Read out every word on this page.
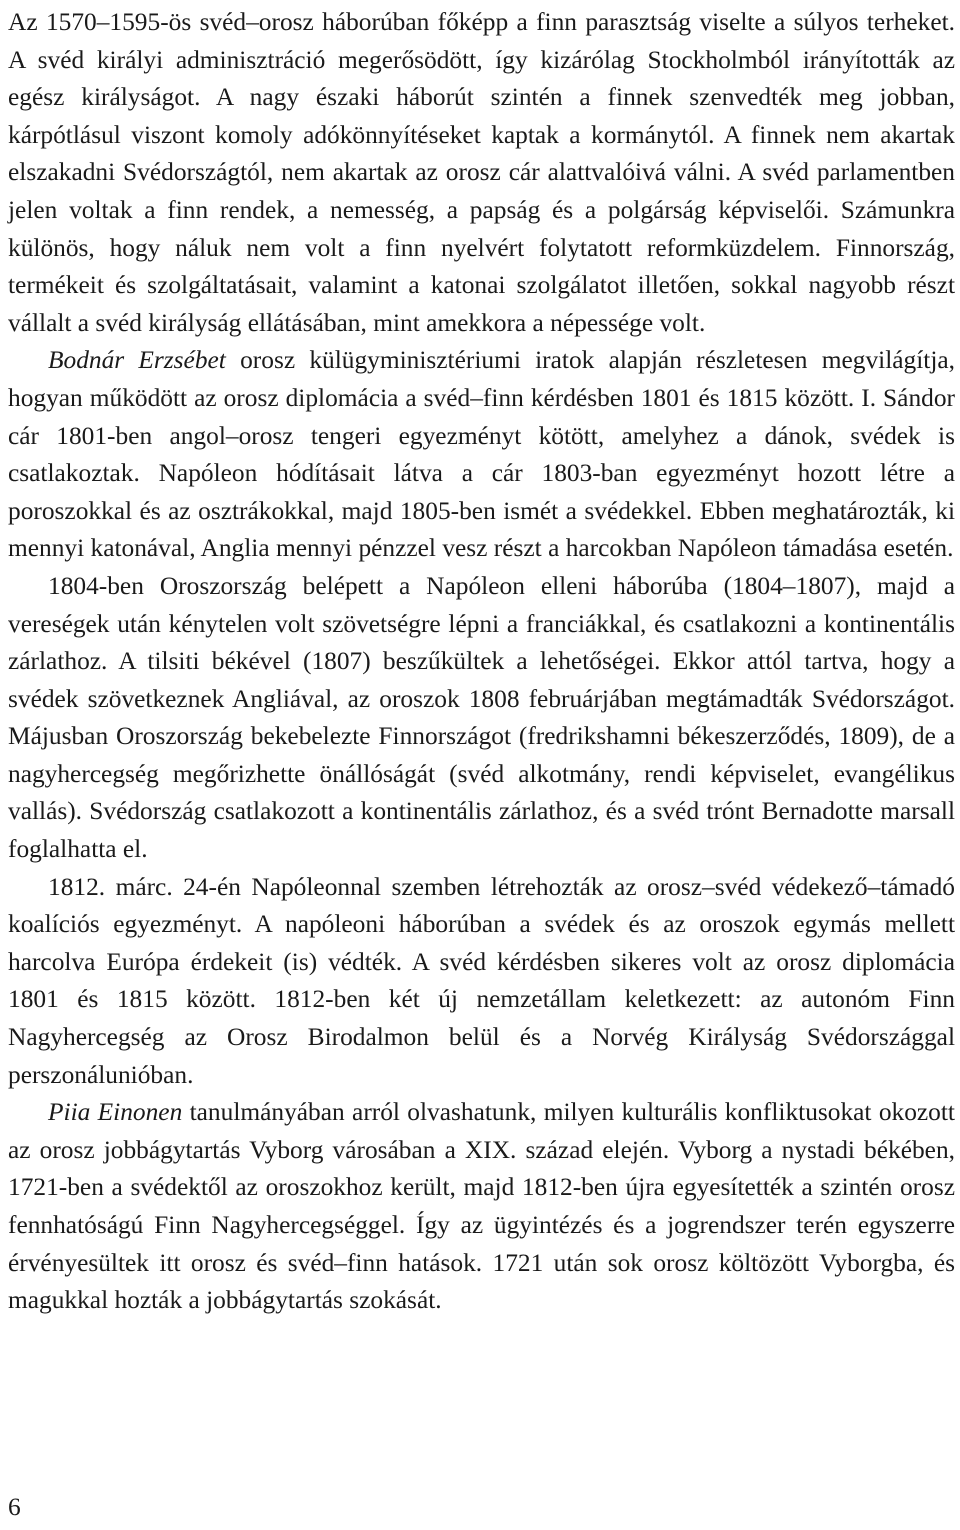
Az 1570–1595-ös svéd–orosz háborúban főképp a finn parasztság viselte a súlyos terheket. A svéd királyi adminisztráció megerősödött, így kizárólag Stockholmból irányították az egész királyságot. A nagy északi háborút szintén a finnek szenvedték meg jobban, kárpótlásul viszont komoly adókönnyítéseket kaptak a kormánytól. A finnek nem akartak elszakadni Svédországtól, nem akartak az orosz cár alattvalóivá válni. A svéd parlamentben jelen voltak a finn rendek, a nemesség, a papság és a polgárság képviselői. Számunkra különös, hogy náluk nem volt a finn nyelvért folytatott reformküzdelem. Finnország, termékeit és szolgáltatásait, valamint a katonai szolgálatot illetően, sokkal nagyobb részt vállalt a svéd királyság ellátásában, mint amekkora a népessége volt.

Bodnár Erzsébet orosz külügyminisztériumi iratok alapján részletesen megvilágítja, hogyan működött az orosz diplomácia a svéd–finn kérdésben 1801 és 1815 között. I. Sándor cár 1801-ben angol–orosz tengeri egyezményt kötött, amelyhez a dánok, svédek is csatlakoztak. Napóleon hódításait látva a cár 1803-ban egyezményt hozott létre a poroszokkal és az osztrákokkal, majd 1805-ben ismét a svédekkel. Ebben meghatározták, ki mennyi katonával, Anglia mennyi pénzzel vesz részt a harcokban Napóleon támadása esetén.

1804-ben Oroszország belépett a Napóleon elleni háborúba (1804–1807), majd a vereségek után kénytelen volt szövetségre lépni a franciákkal, és csatlakozni a kontinentális zárlathoz. A tilsiti békével (1807) beszűkültek a lehetőségei. Ekkor attól tartva, hogy a svédek szövetkeznek Angliával, az oroszok 1808 februárjában megtámadták Svédországot. Májusban Oroszország bekebelezte Finnországot (fredrikshamni békeszerződés, 1809), de a nagyhercegség megőrizhette önállóságát (svéd alkotmány, rendi képviselet, evangélikus vallás). Svédország csatlakozott a kontinentális zárlathoz, és a svéd trónt Bernadotte marsall foglalhatta el.

1812. márc. 24-én Napóleonnal szemben létrehozták az orosz–svéd védekező–támadó koalíciós egyezményt. A napóleoni háborúban a svédek és az oroszok egymás mellett harcolva Európa érdekeit (is) védték. A svéd kérdésben sikeres volt az orosz diplomácia 1801 és 1815 között. 1812-ben két új nemzetállam keletkezett: az autonóm Finn Nagyhercegség az Orosz Birodalmon belül és a Norvég Királyság Svédországgal perszonálunióban.

Piia Einonen tanulmányában arról olvashatunk, milyen kulturális konfliktusokat okozott az orosz jobbágytartás Vyborg városában a XIX. század elején. Vyborg a nystadi békében, 1721-ben a svédektől az oroszokhoz került, majd 1812-ben újra egyesítették a szintén orosz fennhatóságú Finn Nagyhercegséggel. Így az ügyintézés és a jogrendszer terén egyszerre érvényesültek itt orosz és svéd–finn hatások. 1721 után sok orosz költözött Vyborgba, és magukkal hozták a jobbágytartás szokását.

6
